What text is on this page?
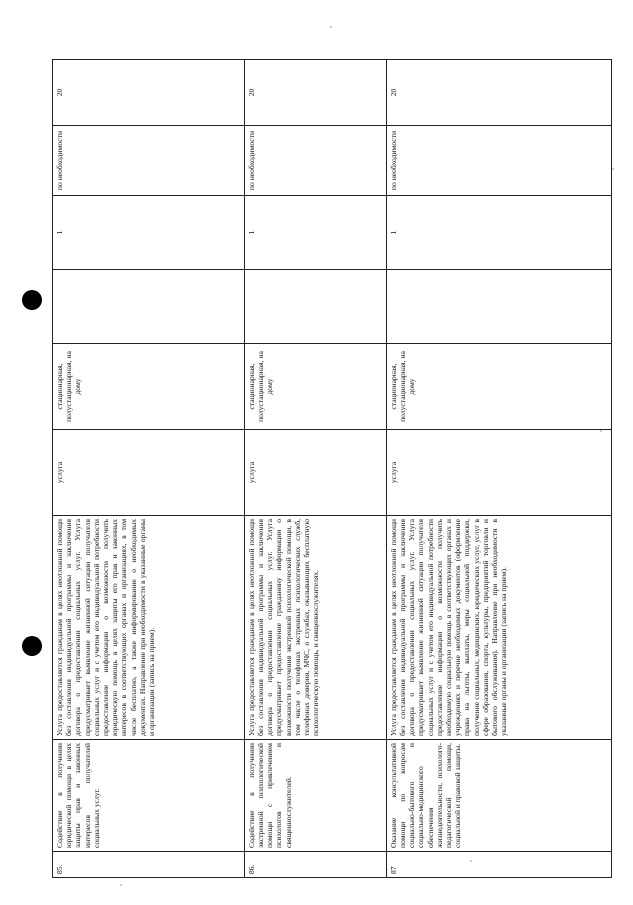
85.	Содействие в получении юридической помощи в целях защиты прав и законных интересов получателей социальных услуг.	Услуга предоставляется гражданам в целях неотложной помощи без составления индивидуальной программы и заключения договора о предоставлении социальных услуг. Услуга предусматривает выявление жизненной ситуации получателя социальных услуг и с учетом его индивидуальной потребности предоставление информации о возможности получить юридическую помощь в целях защиты его прав и законных интересов в соответствующих органах и организациях, в том числе бесплатно, а также информирование о необходимых документах. Направление при необходимости в указанные органы и организации (запись на прием).	услуга	стационарная, полустационарная, на дому		1	по необходимости	20
86.	Содействие в получении экстренной психологической помощи с привлечением психологов и священнослужителей.	Услуга предоставляется гражданам в целях неотложной помощи без составления индивидуальной программы и заключения договора о предоставлении социальных услуг. Услуга предусматривает предоставление гражданину информации о возможности получения экстренной психологической помощи, в том числе о телефонах экстренных психологических служб, телефонах доверия, МЧС, о службах, оказывающих бесплатную психологическую помощь, и священнослужителях.	услуга	стационарная, полустационарная, на дому		1	по необходимости	20
87	Оказание консультативной помощи по вопросам социально-бытового и социально-медицинского обеспечения жизнедеятельности, психолого-педагогической помощи, социальной и правовой защиты.	Услуга предоставляется гражданам в целях неотложной помощи без составления индивидуальной программы и заключения договора о предоставлении социальных услуг. Услуга предусматривает выявление жизненной ситуации получателя социальных услуг и с учетом его индивидуальной потребности предоставление информации о возможности получить необходимую социальную помощь в соответствующих органах и учреждениях и перечне необходимых документов (оформление права на льготы, выплаты, меры социальной поддержки, получение социальных, медицинских, юридических услуг, услуг в сфере образования, спорта, культуры, предприятий торговли и бытового обслуживания). Направление при необходимости в указанные органы и организации (запись на прием).	услуга	стационарная, полустационарная, на дому		1	по необходимости	20
